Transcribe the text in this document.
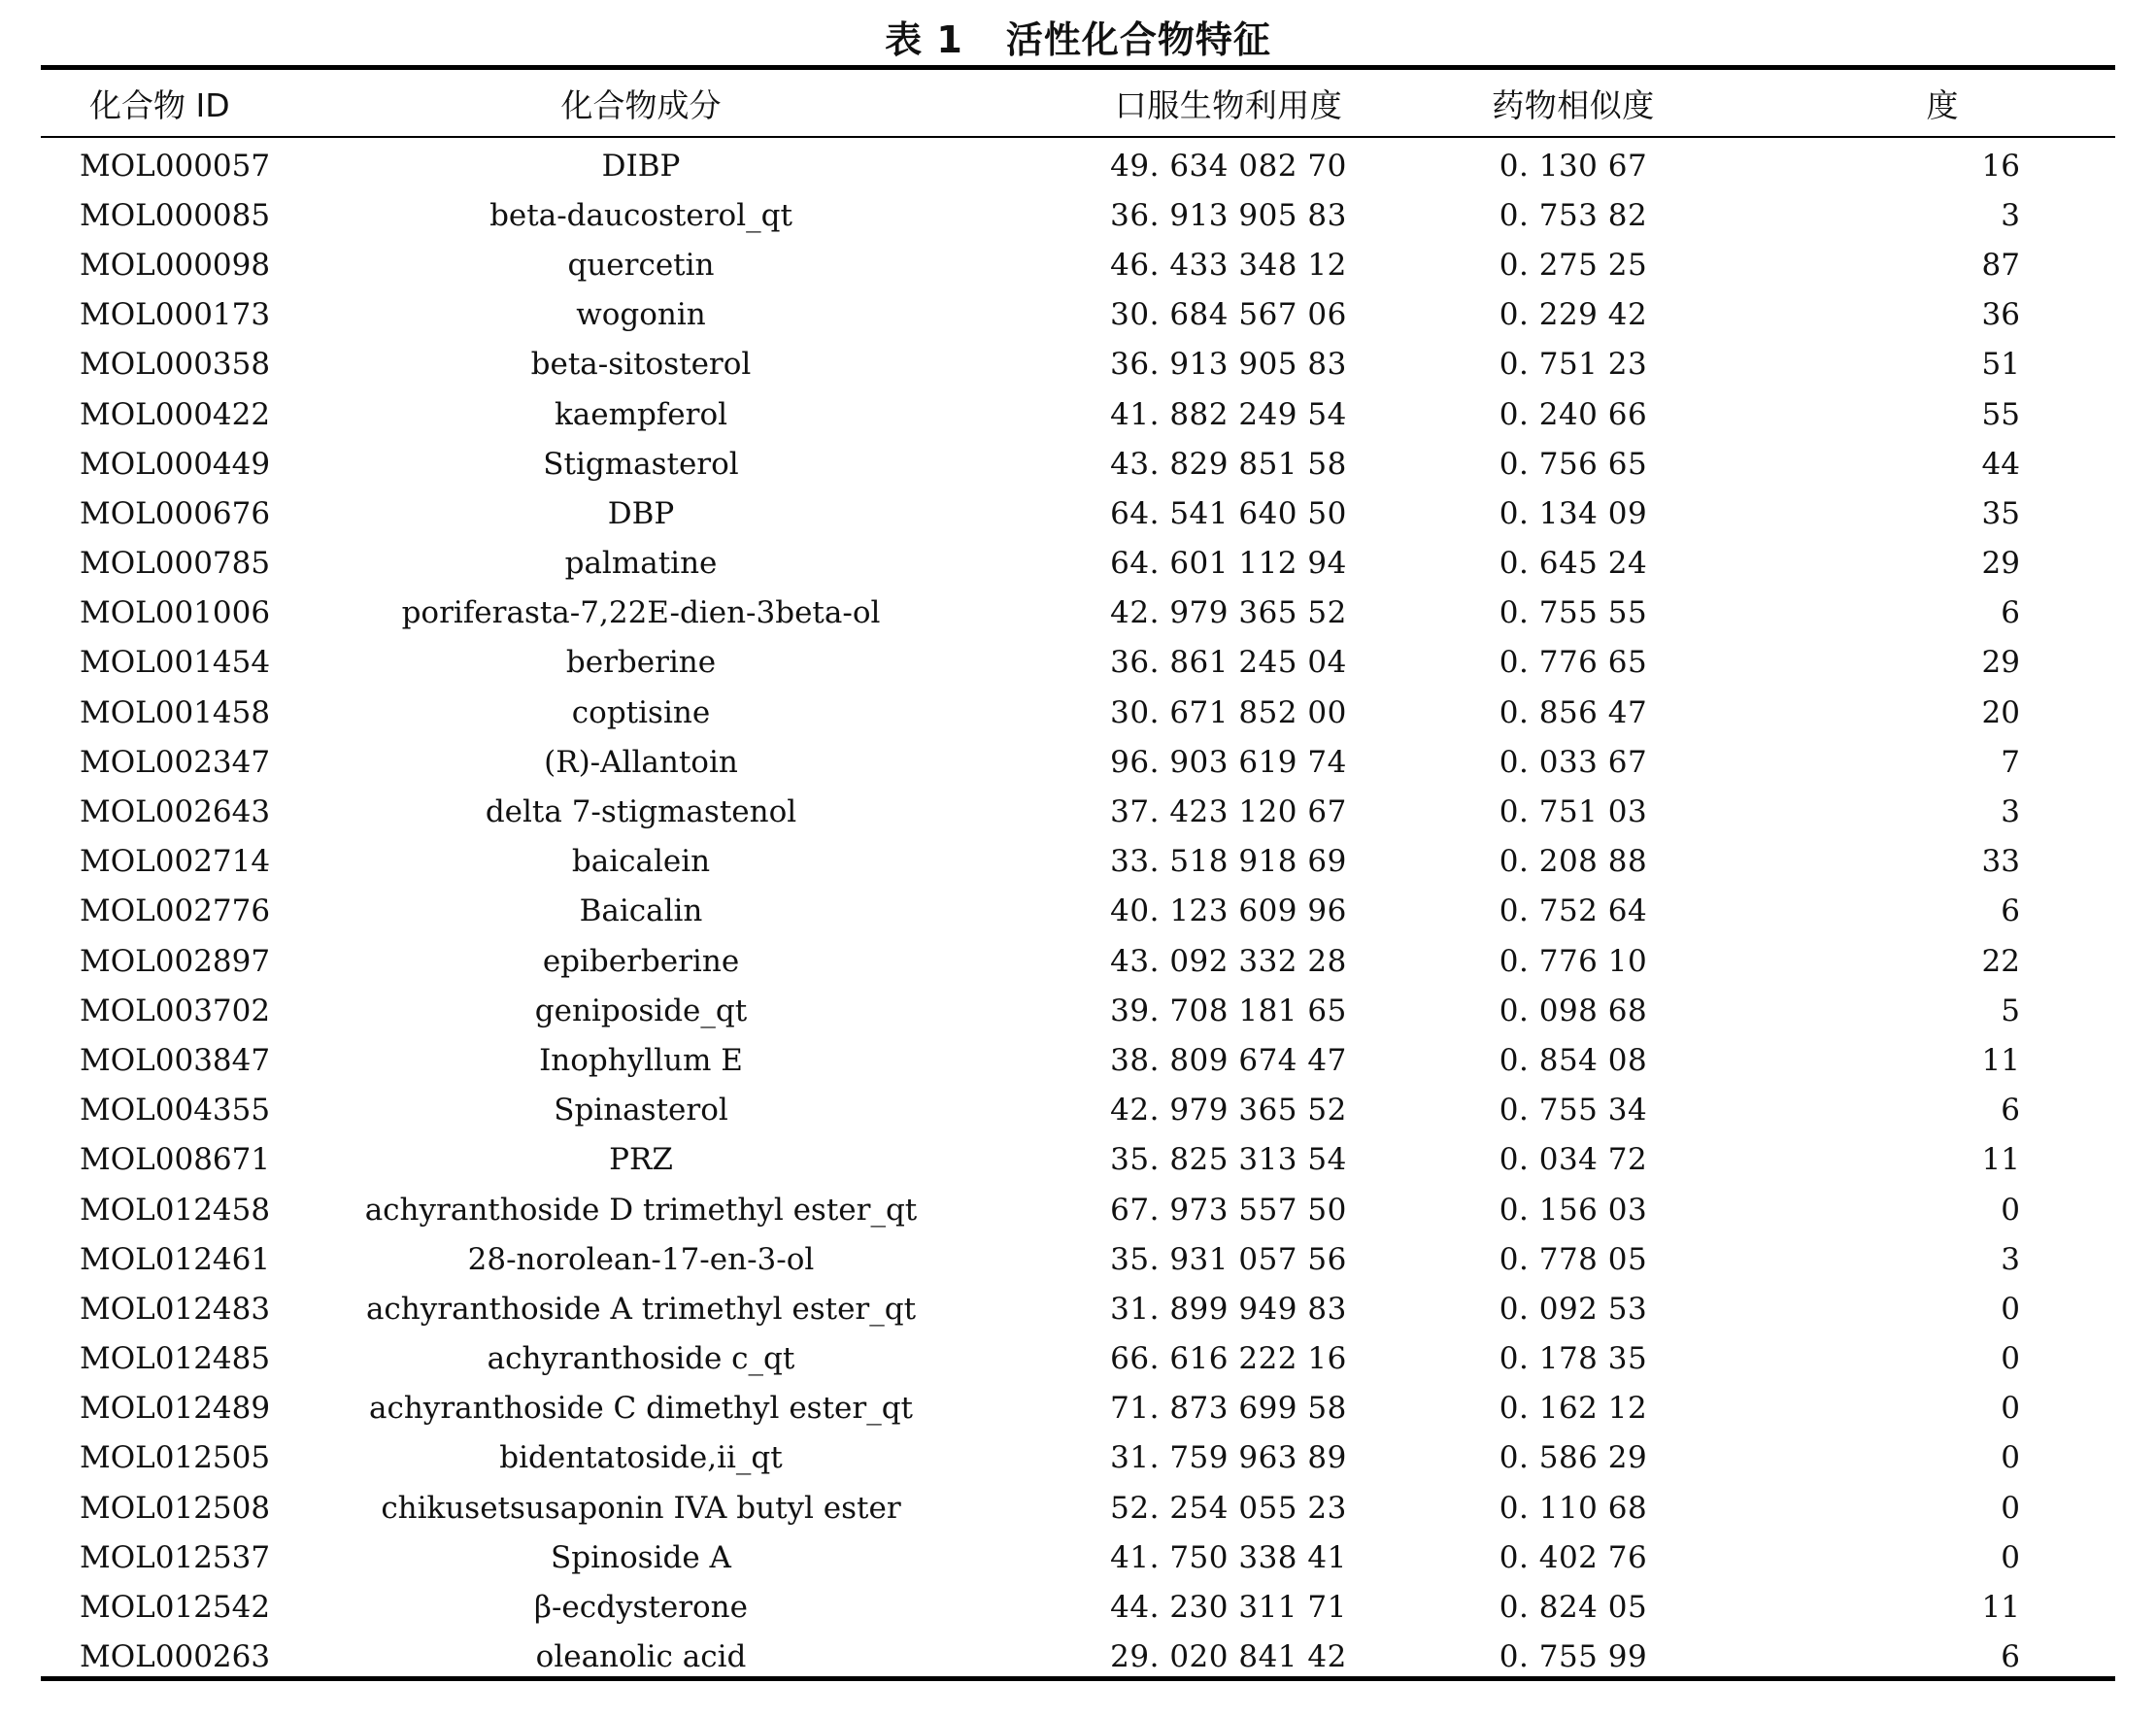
表 1 活性化合物特征
化合物 ID	化合物成分	口服生物利用度	药物相似度	度
MOL000057	DIBP	49. 634 082 70	0. 130 67	16
MOL000085	beta-daucosterol_qt	36. 913 905 83	0. 753 82	3
MOL000098	quercetin	46. 433 348 12	0. 275 25	87
MOL000173	wogonin	30. 684 567 06	0. 229 42	36
MOL000358	beta-sitosterol	36. 913 905 83	0. 751 23	51
MOL000422	kaempferol	41. 882 249 54	0. 240 66	55
MOL000449	Stigmasterol	43. 829 851 58	0. 756 65	44
MOL000676	DBP	64. 541 640 50	0. 134 09	35
MOL000785	palmatine	64. 601 112 94	0. 645 24	29
MOL001006	poriferasta-7,22E-dien-3beta-ol	42. 979 365 52	0. 755 55	6
MOL001454	berberine	36. 861 245 04	0. 776 65	29
MOL001458	coptisine	30. 671 852 00	0. 856 47	20
MOL002347	(R)-Allantoin	96. 903 619 74	0. 033 67	7
MOL002643	delta 7-stigmastenol	37. 423 120 67	0. 751 03	3
MOL002714	baicalein	33. 518 918 69	0. 208 88	33
MOL002776	Baicalin	40. 123 609 96	0. 752 64	6
MOL002897	epiberberine	43. 092 332 28	0. 776 10	22
MOL003702	geniposide_qt	39. 708 181 65	0. 098 68	5
MOL003847	Inophyllum E	38. 809 674 47	0. 854 08	11
MOL004355	Spinasterol	42. 979 365 52	0. 755 34	6
MOL008671	PRZ	35. 825 313 54	0. 034 72	11
MOL012458	achyranthoside D trimethyl ester_qt	67. 973 557 50	0. 156 03	0
MOL012461	28-norolean-17-en-3-ol	35. 931 057 56	0. 778 05	3
MOL012483	achyranthoside A trimethyl ester_qt	31. 899 949 83	0. 092 53	0
MOL012485	achyranthoside c_qt	66. 616 222 16	0. 178 35	0
MOL012489	achyranthoside C dimethyl ester_qt	71. 873 699 58	0. 162 12	0
MOL012505	bidentatoside,ii_qt	31. 759 963 89	0. 586 29	0
MOL012508	chikusetsusaponin IVA butyl ester	52. 254 055 23	0. 110 68	0
MOL012537	Spinoside A	41. 750 338 41	0. 402 76	0
MOL012542	β-ecdysterone	44. 230 311 71	0. 824 05	11
MOL000263	oleanolic acid	29. 020 841 42	0. 755 99	6
